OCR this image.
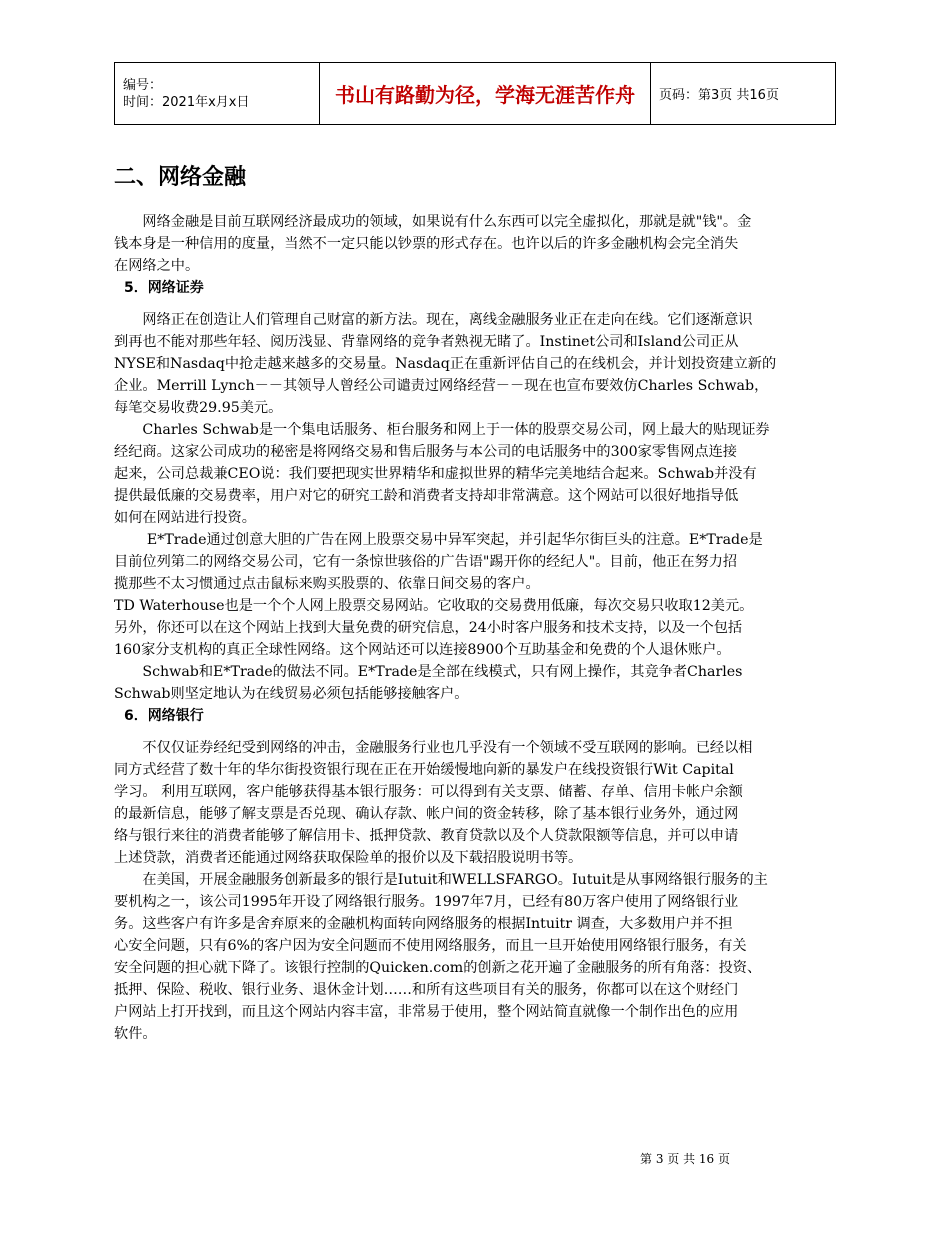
编号：
时间：2021年x月x日	书山有路勤为径，学海无涯苦作舟	页码：第3页 共16页
二、网络金融

　　网络金融是目前互联网经济最成功的领域，如果说有什么东西可以完全虚拟化，那就是就"钱"。金

钱本身是一种信用的度量，当然不一定只能以钞票的形式存在。也许以后的许多金融机构会完全消失

在网络之中。

5．网络证券

　　网络正在创造让人们管理自己财富的新方法。现在，离线金融服务业正在走向在线。它们逐渐意识

到再也不能对那些年轻、阅历浅显、背靠网络的竞争者熟视无睹了。Instinet公司和Island公司正从

NYSE和Nasdaq中抢走越来越多的交易量。Nasdaq正在重新评估自己的在线机会，并计划投资建立新的

企业。Merrill Lynch－－其领导人曾经公司谴责过网络经营－－现在也宣布要效仿Charles Schwab，

每笔交易收费29.95美元。

　　Charles Schwab是一个集电话服务、柜台服务和网上于一体的股票交易公司，网上最大的贴现证券

经纪商。这家公司成功的秘密是将网络交易和售后服务与本公司的电话服务中的300家零售网点连接

起来，公司总裁兼CEO说：我们要把现实世界精华和虚拟世界的精华完美地结合起来。Schwab并没有

提供最低廉的交易费率，用户对它的研究工龄和消费者支持却非常满意。这个网站可以很好地指导低

如何在网站进行投资。

　　 E*Trade通过创意大胆的广告在网上股票交易中异军突起，并引起华尔街巨头的注意。E*Trade是

目前位列第二的网络交易公司，它有一条惊世骇俗的广告语"踢开你的经纪人"。目前，他正在努力招

揽那些不太习惯通过点击鼠标来购买股票的、依靠日间交易的客户。

TD Waterhouse也是一个个人网上股票交易网站。它收取的交易费用低廉，每次交易只收取12美元。

另外，你还可以在这个网站上找到大量免费的研究信息，24小时客户服务和技术支持，以及一个包括

160家分支机构的真正全球性网络。这个网站还可以连接8900个互助基金和免费的个人退休账户。

　　Schwab和E*Trade的做法不同。E*Trade是全部在线模式，只有网上操作，其竞争者Charles

Schwab则坚定地认为在线贸易必须包括能够接触客户。

6．网络银行

　　不仅仅证券经纪受到网络的冲击，金融服务行业也几乎没有一个领域不受互联网的影响。已经以相

同方式经营了数十年的华尔街投资银行现在正在开始缓慢地向新的暴发户在线投资银行Wit Capital

学习。 利用互联网，客户能够获得基本银行服务：可以得到有关支票、储蓄、存单、信用卡帐户余额

的最新信息，能够了解支票是否兑现、确认存款、帐户间的资金转移，除了基本银行业务外，通过网

络与银行来往的消费者能够了解信用卡、抵押贷款、教育贷款以及个人贷款限额等信息，并可以申请

上述贷款，消费者还能通过网络获取保险单的报价以及下载招股说明书等。

　　在美国，开展金融服务创新最多的银行是Iutuit和WELLSFARGO。Iutuit是从事网络银行服务的主

要机构之一，该公司1995年开设了网络银行服务。1997年7月，已经有80万客户使用了网络银行业

务。这些客户有许多是舍弃原来的金融机构面转向网络服务的根据Intuitr 调查，大多数用户并不担

心安全问题，只有6%的客户因为安全问题而不使用网络服务，而且一旦开始使用网络银行服务，有关

安全问题的担心就下降了。该银行控制的Quicken.com的创新之花开遍了金融服务的所有角落：投资、

抵押、保险、税收、银行业务、退休金计划……和所有这些项目有关的服务，你都可以在这个财经门

户网站上打开找到，而且这个网站内容丰富，非常易于使用，整个网站简直就像一个制作出色的应用

软件。

第 3 页 共 16 页
